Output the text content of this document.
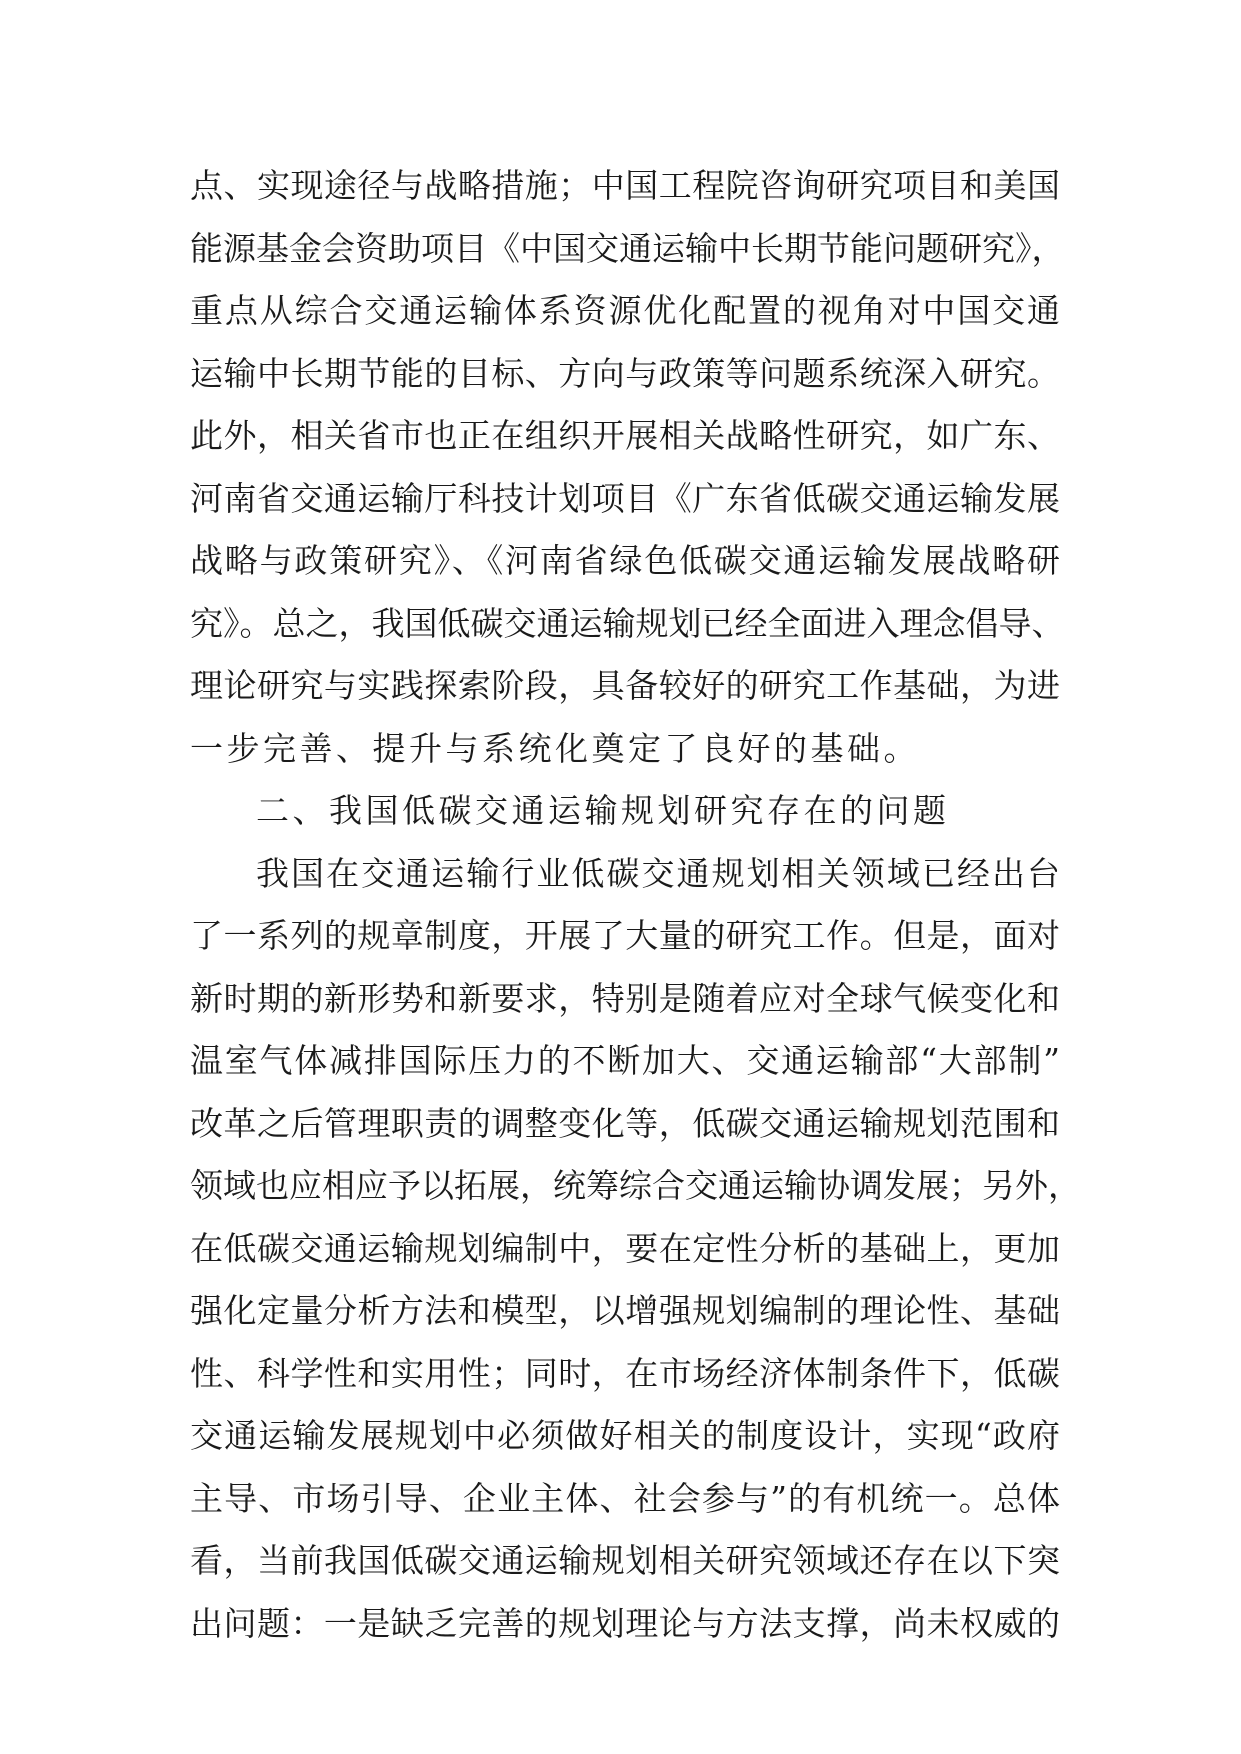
点、实现途径与战略措施；中国工程院咨询研究项目和美国
能源基金会资助项目《中国交通运输中长期节能问题研究》，
重点从综合交通运输体系资源优化配置的视角对中国交通
运输中长期节能的目标、方向与政策等问题系统深入研究。
此外，相关省市也正在组织开展相关战略性研究，如广东、
河南省交通运输厅科技计划项目《广东省低碳交通运输发展
战略与政策研究》、《河南省绿色低碳交通运输发展战略研
究》。总之，我国低碳交通运输规划已经全面进入理念倡导、
理论研究与实践探索阶段，具备较好的研究工作基础，为进
一步完善、提升与系统化奠定了良好的基础。
二、我国低碳交通运输规划研究存在的问题
我国在交通运输行业低碳交通规划相关领域已经出台
了一系列的规章制度，开展了大量的研究工作。但是，面对
新时期的新形势和新要求，特别是随着应对全球气候变化和
温室气体减排国际压力的不断加大、交通运输部“大部制”
改革之后管理职责的调整变化等，低碳交通运输规划范围和
领域也应相应予以拓展，统筹综合交通运输协调发展；另外，
在低碳交通运输规划编制中，要在定性分析的基础上，更加
强化定量分析方法和模型，以增强规划编制的理论性、基础
性、科学性和实用性；同时，在市场经济体制条件下，低碳
交通运输发展规划中必须做好相关的制度设计，实现“政府
主导、市场引导、企业主体、社会参与”的有机统一。总体
看，当前我国低碳交通运输规划相关研究领域还存在以下突
出问题：一是缺乏完善的规划理论与方法支撑，尚未权威的
